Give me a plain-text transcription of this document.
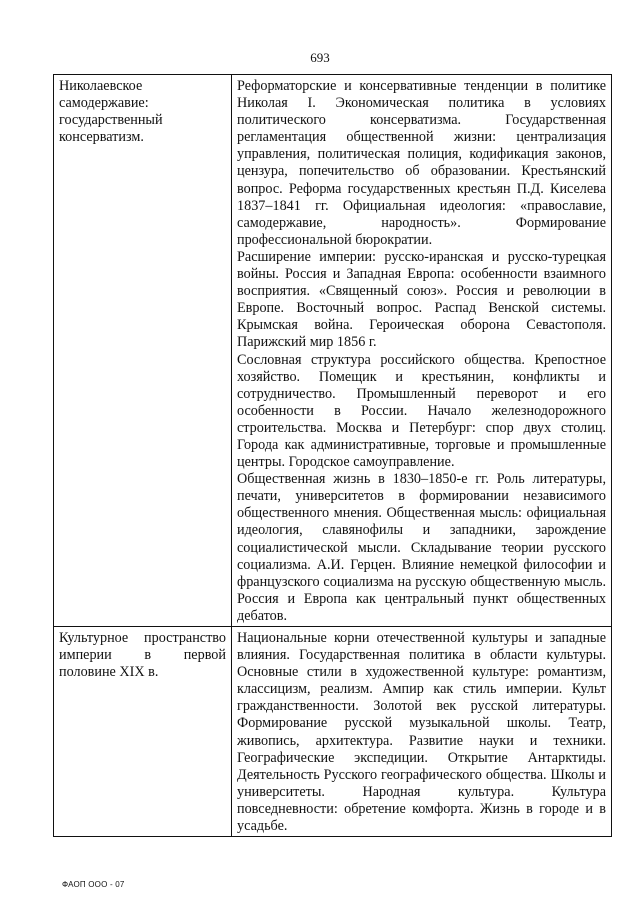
693
Николаевское самодержавие: государственный консерватизм.	Реформаторские и консервативные тенденции в политике Николая I. Экономическая политика в условиях политического консерватизма. Государственная регламентация общественной жизни: централизация управления, политическая полиция, кодификация законов, цензура, попечительство об образовании. Крестьянский вопрос. Реформа государственных крестьян П.Д. Киселева 1837–1841 гг. Официальная идеология: «православие, самодержавие, народность». Формирование профессиональной бюрократии.

Расширение империи: русско-иранская и русско-турецкая войны. Россия и Западная Европа: особенности взаимного восприятия. «Священный союз». Россия и революции в Европе. Восточный вопрос. Распад Венской системы. Крымская война. Героическая оборона Севастополя. Парижский мир 1856 г.

Сословная структура российского общества. Крепостное хозяйство. Помещик и крестьянин, конфликты и сотрудничество. Промышленный переворот и его особенности в России. Начало железнодорожного строительства. Москва и Петербург: спор двух столиц. Города как административные, торговые и промышленные центры. Городское самоуправление.

Общественная жизнь в 1830–1850-е гг. Роль литературы, печати, университетов в формировании независимого общественного мнения. Общественная мысль: официальная идеология, славянофилы и западники, зарождение социалистической мысли. Складывание теории русского социализма. А.И. Герцен. Влияние немецкой философии и французского социализма на русскую общественную мысль. Россия и Европа как центральный пункт общественных дебатов.

Культурное пространство империи в первой половине XIX в.	Национальные корни отечественной культуры и западные влияния. Государственная политика в области культуры. Основные стили в художественной культуре: романтизм, классицизм, реализм. Ампир как стиль империи. Культ гражданственности. Золотой век русской литературы. Формирование русской музыкальной школы. Театр, живопись, архитектура. Развитие науки и техники. Географические экспедиции. Открытие Антарктиды. Деятельность Русского географического общества. Школы и университеты. Народная культура. Культура повседневности: обретение комфорта. Жизнь в городе и в усадьбе.

ФАОП ООО - 07
